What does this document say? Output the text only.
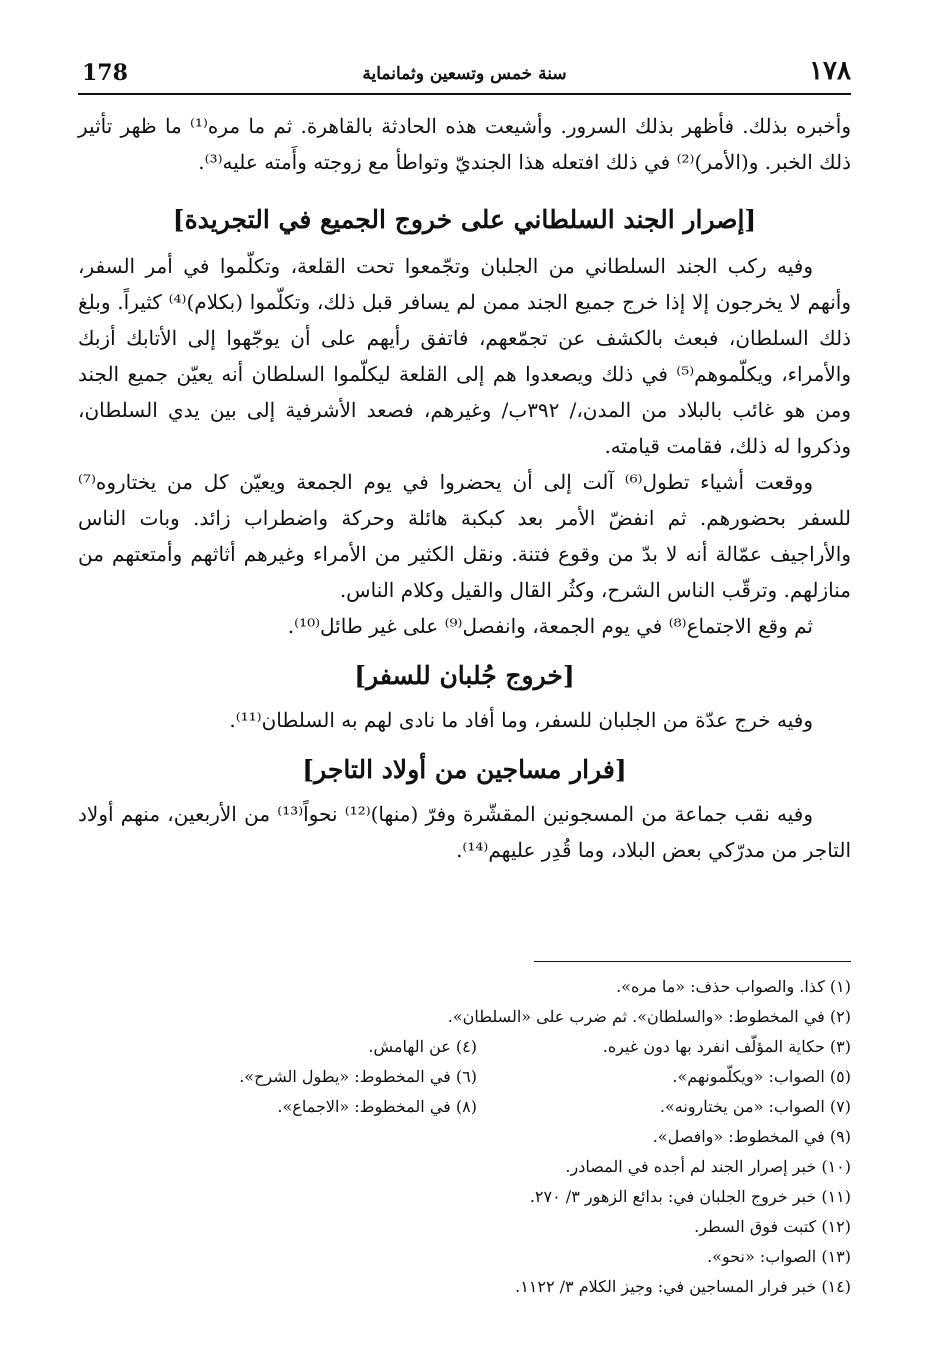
178	سنة خمس وتسعين وثمانماية	١٧٨

وأخبره بذلك. فأظهر بذلك السرور. وأشيعت هذه الحادثة بالقاهرة. ثم ما مره⁽¹⁾ ما ظهر تأثير ذلك الخبر. و(الأمر)⁽²⁾ في ذلك افتعله هذا الجنديّ وتواطأ مع زوجته وأَمته عليه⁽³⁾.

[إصرار الجند السلطاني على خروج الجميع في التجريدة]

وفيه ركب الجند السلطاني من الجلبان وتجّمعوا تحت القلعة، وتكلّموا في أمر السفر، وأنهم لا يخرجون إلا إذا خرج جميع الجند ممن لم يسافر قبل ذلك، وتكلّموا (بكلام)⁽⁴⁾ كثيراً. وبلغ ذلك السلطان، فبعث بالكشف عن تجمّعهم، فاتفق رأيهم على أن يوجّهوا إلى الأتابك أزبك والأمراء، ويكلّموهم⁽⁵⁾ في ذلك ويصعدوا هم إلى القلعة ليكلّموا السلطان أنه يعيّن جميع الجند ومن هو غائب بالبلاد من المدن،/ ٣٩٢ب/ وغيرهم، فصعد الأشرفية إلى بين يدي السلطان، وذكروا له ذلك، فقامت قيامته.

ووقعت أشياء تطول⁽⁶⁾ آلت إلى أن يحضروا في يوم الجمعة ويعيّن كل من يختاروه⁽⁷⁾ للسفر بحضورهم. ثم انفضّ الأمر بعد كبكبة هائلة وحركة واضطراب زائد. وبات الناس والأراجيف عمّالة أنه لا بدّ من وقوع فتنة. ونقل الكثير من الأمراء وغيرهم أثاثهم وأمتعتهم من منازلهم. وترقّب الناس الشرح، وكثُر القال والقيل وكلام الناس.

ثم وقع الاجتماع⁽⁸⁾ في يوم الجمعة، وانفصل⁽⁹⁾ على غير طائل⁽¹⁰⁾.

[خروج جُلبان للسفر]

وفيه خرج عدّة من الجلبان للسفر، وما أفاد ما نادى لهم به السلطان⁽¹¹⁾.

[فرار مساجين من أولاد التاجر]

وفيه نقب جماعة من المسجونين المقشّرة وفرّ (منها)⁽¹²⁾ نحواً⁽¹³⁾ من الأربعين، منهم أولاد التاجر من مدرّكي بعض البلاد، وما قُدِر عليهم⁽¹⁴⁾.

(١) كذا. والصواب حذف: «ما مره».
(٢) في المخطوط: «والسلطان». ثم ضرب على «السلطان».
(٣) حكاية المؤلّف انفرد بها دون غيره.
(٤) عن الهامش.
(٥) الصواب: «ويكلّمونهم».
(٦) في المخطوط: «يطول الشرح».
(٧) الصواب: «من يختارونه».
(٨) في المخطوط: «الاجماع».
(٩) في المخطوط: «وافصل».
(١٠) خبر إصرار الجند لم أجده في المصادر.
(١١) خبر خروج الجلبان في: بدائع الزهور ٣/ ٢٧٠.
(١٢) كتبت فوق السطر.
(١٣) الصواب: «نحو».
(١٤) خبر فرار المساجين في: وجيز الكلام ٣/ ١١٢٢.
